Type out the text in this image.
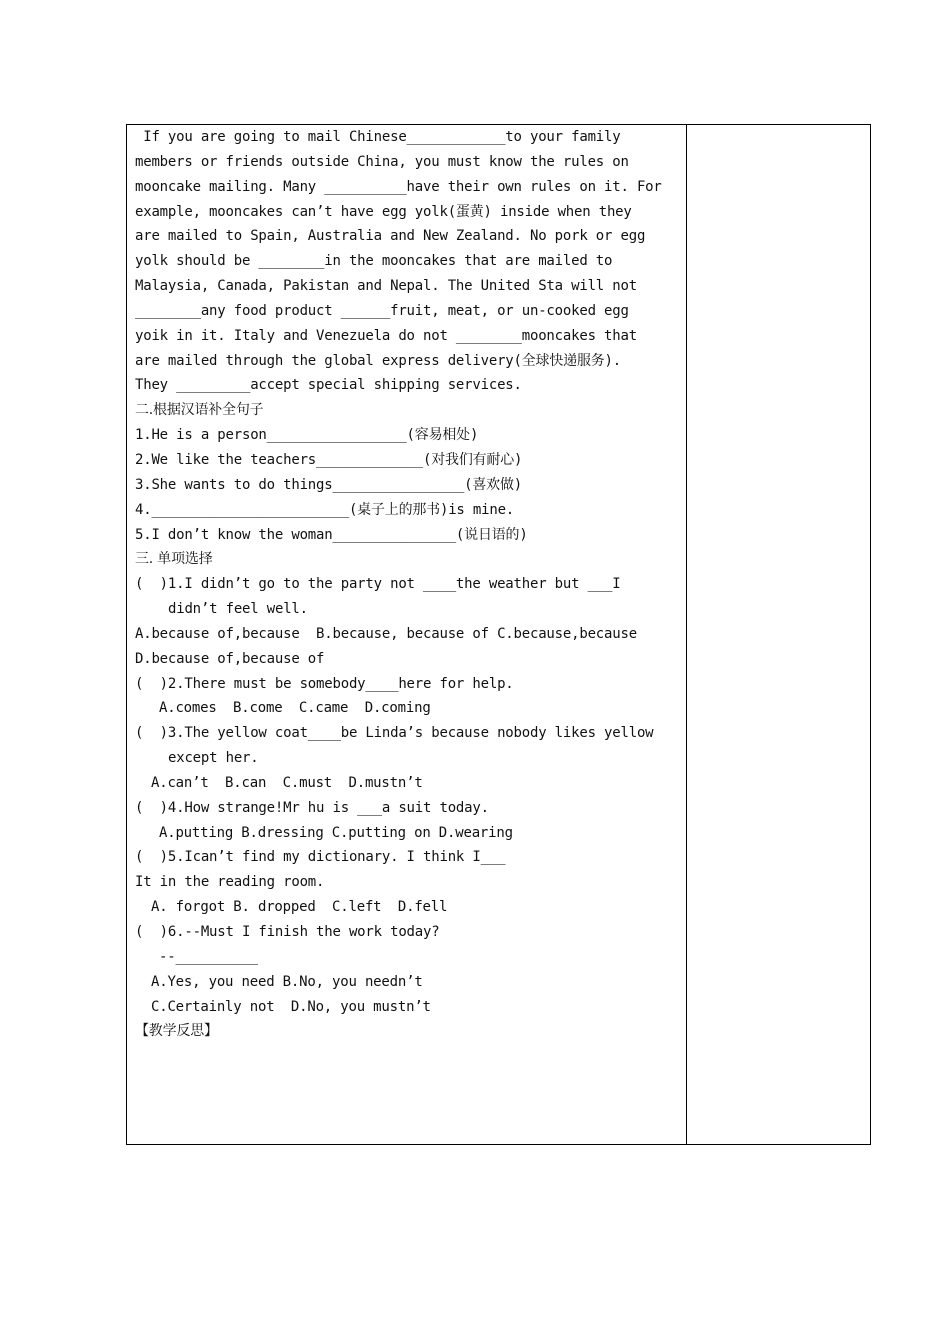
If you are going to mail Chinese____________to your family
members or friends outside China, you must know the rules on
mooncake mailing. Many __________have their own rules on it. For
example, mooncakes can’t have egg yolk(蛋黄) inside when they
are mailed to Spain, Australia and New Zealand. No pork or egg
yolk should be ________in the mooncakes that are mailed to
Malaysia, Canada, Pakistan and Nepal. The United Sta will not
________any food product ______fruit, meat, or un-cooked egg
yoik in it. Italy and Venezuela do not ________mooncakes that
are mailed through the global express delivery(全球快递服务).
They _________accept special shipping services.
二.根据汉语补全句子
1.He is a person_________________(容易相处)
2.We like the teachers_____________(对我们有耐心)
3.She wants to do things________________(喜欢做)
4.________________________(桌子上的那书)is mine.
5.I don’t know the woman_______________(说日语的)
三. 单项选择
(  )1.I didn’t go to the party not ____the weather but ___I
didn’t feel well.
A.because of,because  B.because, because of C.because,because
D.because of,because of
(  )2.There must be somebody____here for help.
A.comes  B.come  C.came  D.coming
(  )3.The yellow coat____be Linda’s because nobody likes yellow
except her.
A.can’t  B.can  C.must  D.mustn’t
(  )4.How strange!Mr hu is ___a suit today.
A.putting B.dressing C.putting on D.wearing
(  )5.Ican’t find my dictionary. I think I___
It in the reading room.
A. forgot B. dropped  C.left  D.fell
(  )6.--Must I finish the work today?
--__________
A.Yes, you need B.No, you needn’t
C.Certainly not  D.No, you mustn’t
【教学反思】
